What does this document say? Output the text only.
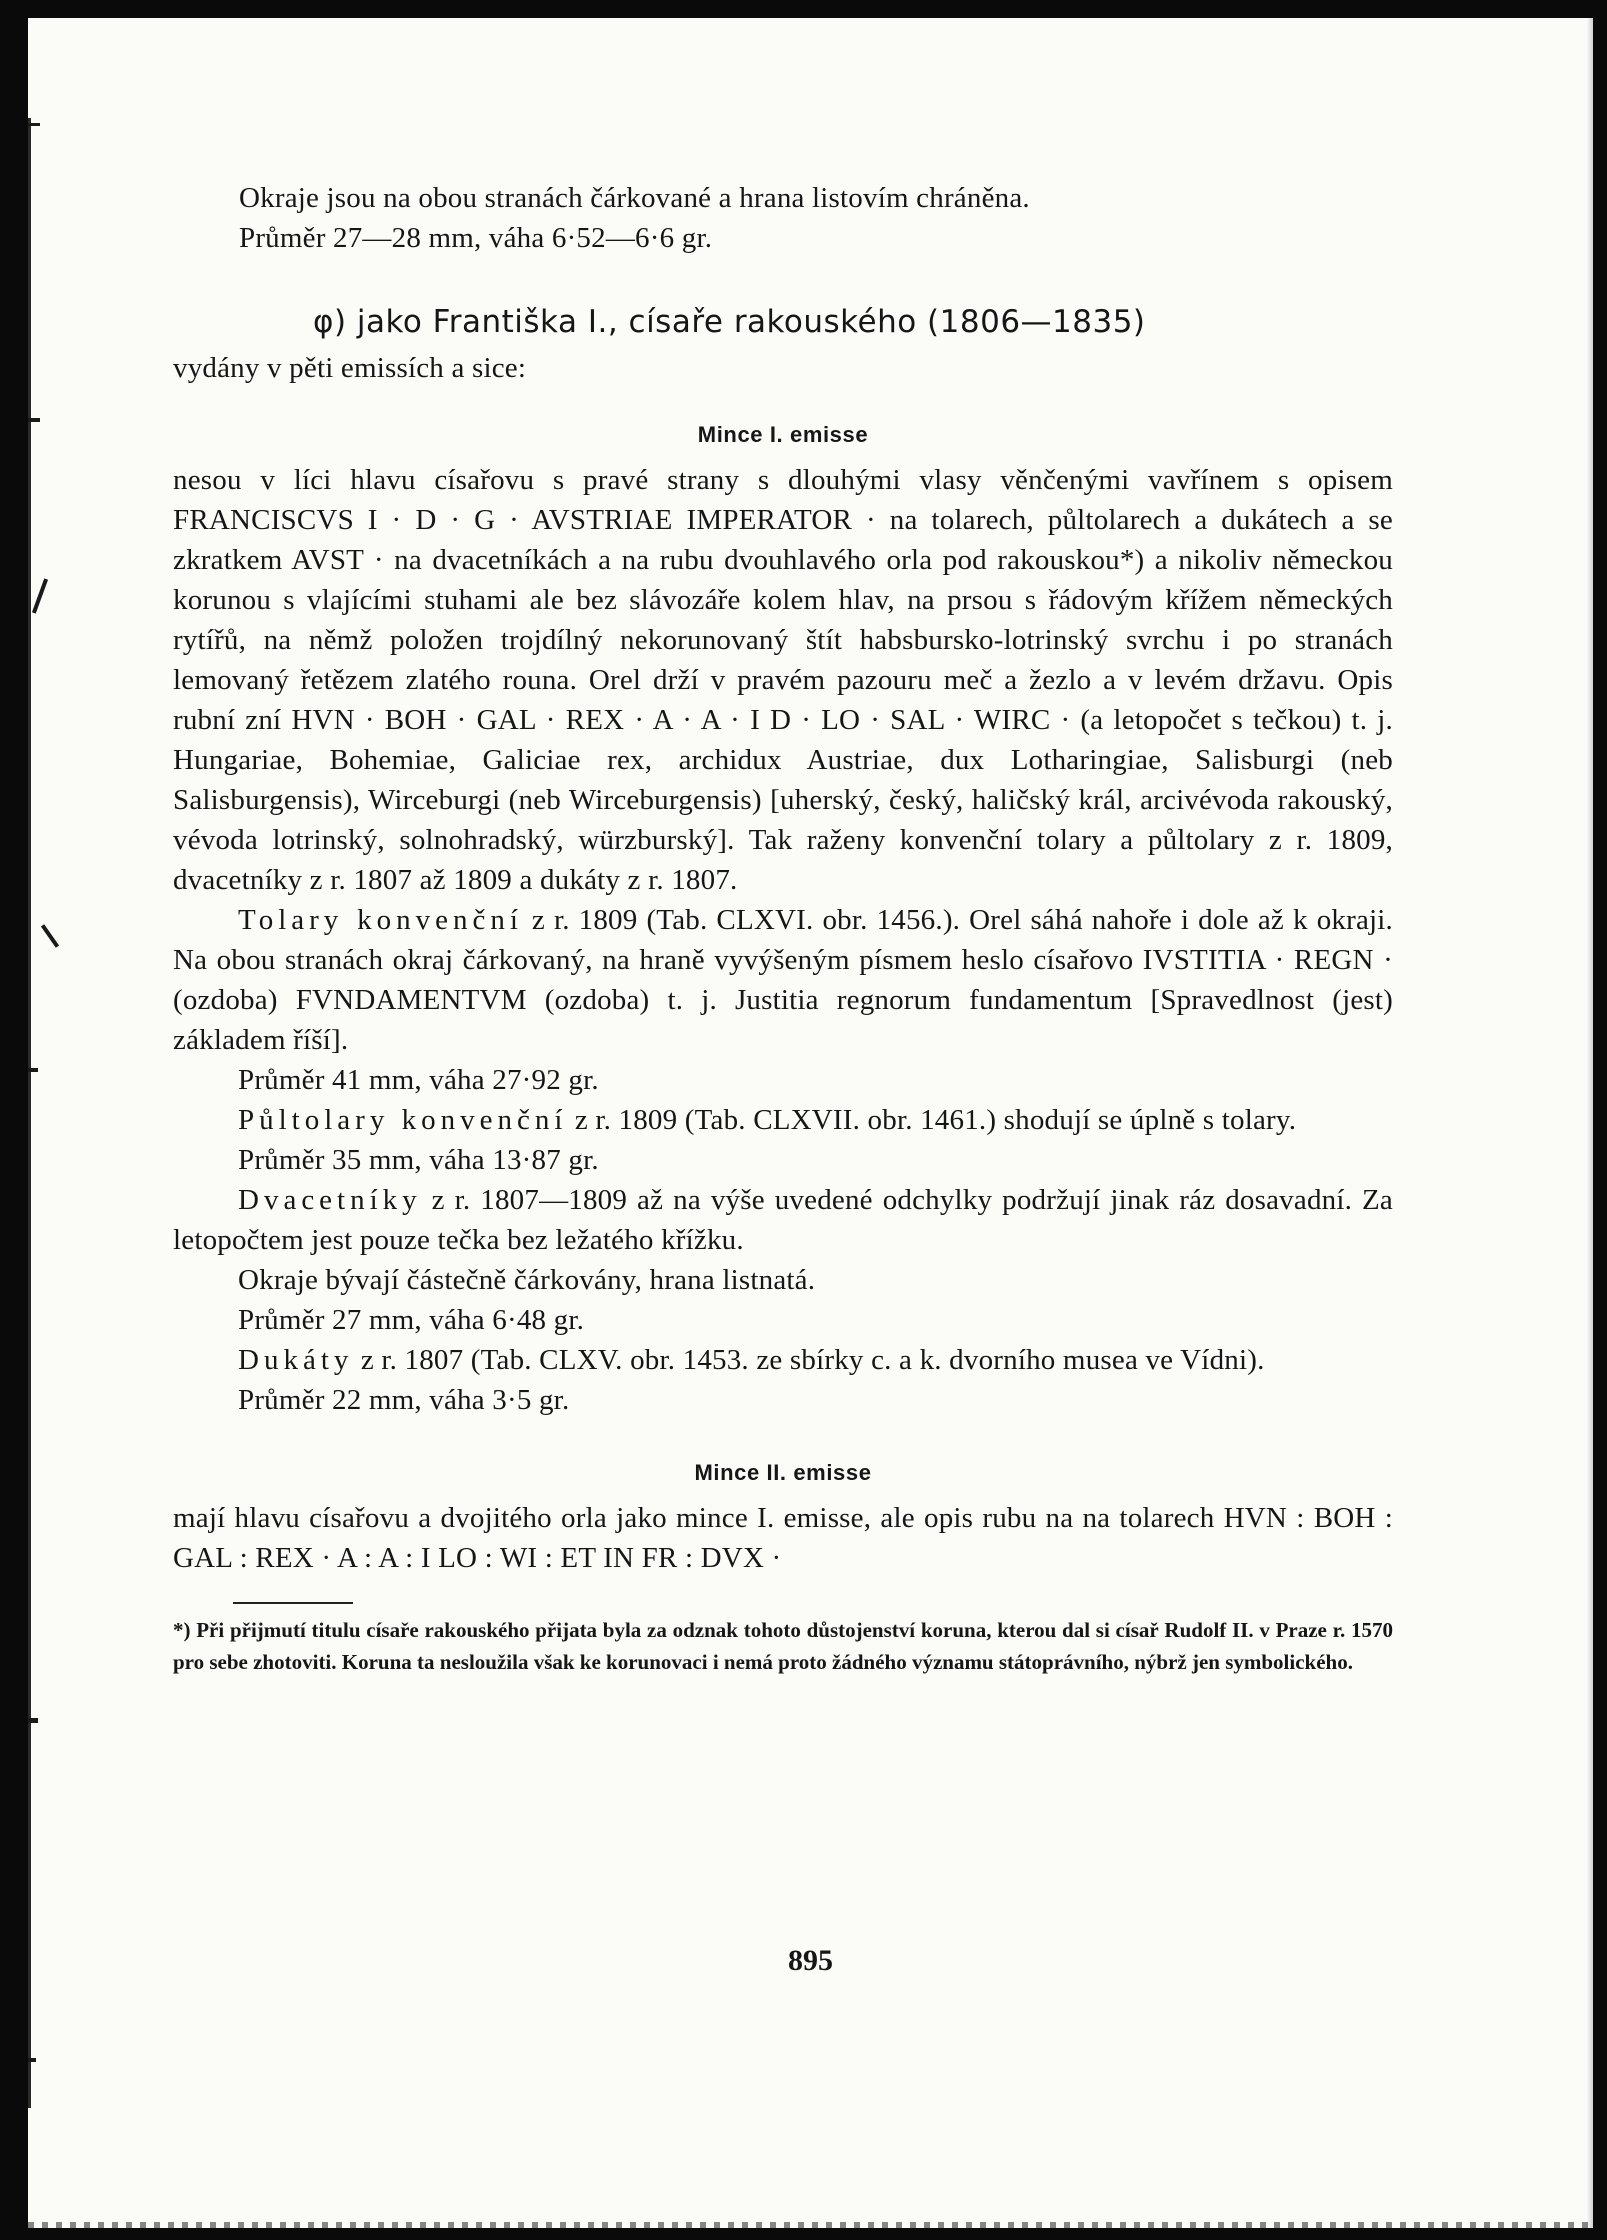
Okraje jsou na obou stranách čárkované a hrana listovím chráněna.

Průměr 27—28 mm, váha 6·52—6·6 gr.

φ) jako Františka I., císaře rakouského (1806—1835)

vydány v pěti emissích a sice:

Mince I. emisse

nesou v líci hlavu císařovu s pravé strany s dlouhými vlasy věnčenými vavřínem s opisem FRANCISCVS I · D · G · AVSTRIAE IMPERATOR · na tolarech, půltolarech a dukátech a se zkratkem AVST · na dvacetníkách a na rubu dvouhlavého orla pod rakouskou*) a nikoliv německou korunou s vlajícími stuhami ale bez slávozáře kolem hlav, na prsou s řádovým křížem německých rytířů, na němž položen trojdílný nekorunovaný štít habsbursko-lotrinský svrchu i po stranách lemovaný řetězem zlatého rouna. Orel drží v pravém pazouru meč a žezlo a v levém državu. Opis rubní zní HVN · BOH · GAL · REX · A · A · I D · LO · SAL · WIRC · (a letopočet s tečkou) t. j. Hungariae, Bohemiae, Galiciae rex, archidux Austriae, dux Lotharingiae, Salisburgi (neb Salisburgensis), Wirceburgi (neb Wirceburgensis) [uherský, český, haličský král, arcivévoda rakouský, vévoda lotrinský, solnohradský, würzburský]. Tak raženy konvenční tolary a půltolary z r. 1809, dvacetníky z r. 1807 až 1809 a dukáty z r. 1807.

Tolary konvenční z r. 1809 (Tab. CLXVI. obr. 1456.). Orel sáhá nahoře i dole až k okraji. Na obou stranách okraj čárkovaný, na hraně vyvýšeným písmem heslo císařovo IVSTITIA · REGN · (ozdoba) FVNDAMENTVM (ozdoba) t. j. Justitia regnorum fundamentum [Spravedlnost (jest) základem říší].

Průměr 41 mm, váha 27·92 gr.

Půltolary konvenční z r. 1809 (Tab. CLXVII. obr. 1461.) shodují se úplně s tolary.

Průměr 35 mm, váha 13·87 gr.

Dvacetníky z r. 1807—1809 až na výše uvedené odchylky podržují jinak ráz dosavadní. Za letopočtem jest pouze tečka bez ležatého křížku.

Okraje bývají částečně čárkovány, hrana listnatá.

Průměr 27 mm, váha 6·48 gr.

Dukáty z r. 1807 (Tab. CLXV. obr. 1453. ze sbírky c. a k. dvorního musea ve Vídni).

Průměr 22 mm, váha 3·5 gr.

Mince II. emisse

mají hlavu císařovu a dvojitého orla jako mince I. emisse, ale opis rubu na na tolarech HVN : BOH : GAL : REX · A : A : I LO : WI : ET IN FR : DVX ·

*) Při přijmutí titulu císaře rakouského přijata byla za odznak tohoto důstojenství koruna, kterou dal si císař Rudolf II. v Praze r. 1570 pro sebe zhotoviti. Koruna ta nesloužila však ke korunovaci i nemá proto žádného významu státoprávního, nýbrž jen symbolického.

895
